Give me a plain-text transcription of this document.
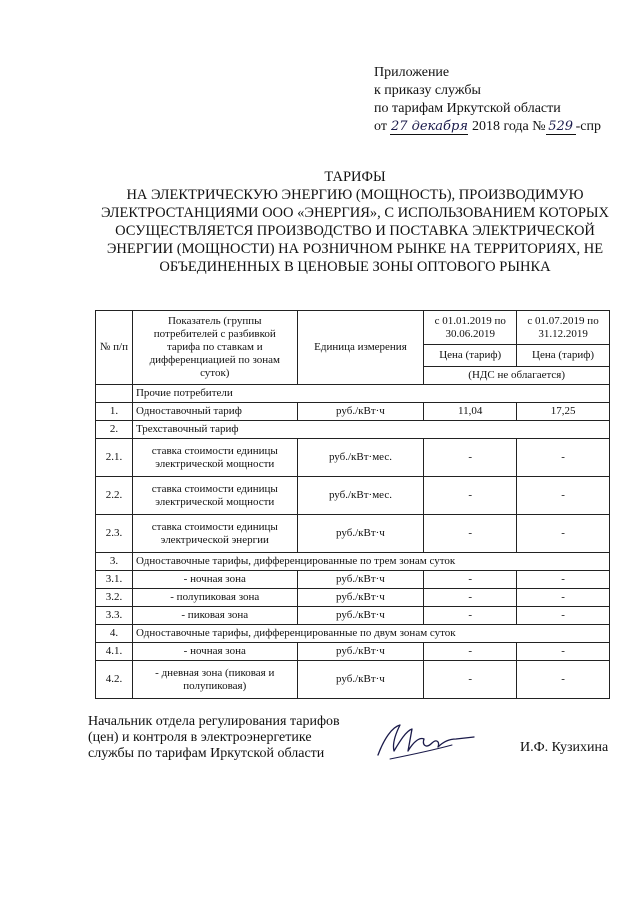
Приложение
к приказу службы
по тарифам Иркутской области
от 27 декабря 2018 года № 529 -спр
ТАРИФЫ
НА ЭЛЕКТРИЧЕСКУЮ ЭНЕРГИЮ (МОЩНОСТЬ), ПРОИЗВОДИМУЮ ЭЛЕКТРОСТАНЦИЯМИ ООО «ЭНЕРГИЯ», С ИСПОЛЬЗОВАНИЕМ КОТОРЫХ ОСУЩЕСТВЛЯЕТСЯ ПРОИЗВОДСТВО И ПОСТАВКА ЭЛЕКТРИЧЕСКОЙ ЭНЕРГИИ (МОЩНОСТИ) НА РОЗНИЧНОМ РЫНКЕ НА ТЕРРИТОРИЯХ, НЕ ОБЪЕДИНЕННЫХ В ЦЕНОВЫЕ ЗОНЫ ОПТОВОГО РЫНКА
№ п/п	Показатель (группы потребителей с разбивкой тарифа по ставкам и дифференциацией по зонам суток)	Единица измерения	с 01.01.2019 по 30.06.2019	с 01.07.2019 по 31.12.2019
			Цена (тариф)	Цена (тариф)
			(НДС не облагается)	
	Прочие потребители			
1.	Одноставочный тариф	руб./кВт·ч	11,04	17,25
2.	Трехставочный тариф			
2.1.	ставка стоимости единицы электрической мощности	руб./кВт·мес.	-	-
2.2.	ставка стоимости единицы электрической мощности	руб./кВт·мес.	-	-
2.3.	ставка стоимости единицы электрической энергии	руб./кВт·ч	-	-
3.	Одноставочные тарифы, дифференцированные по трем зонам суток			
3.1.	- ночная зона	руб./кВт·ч	-	-
3.2.	- полупиковая зона	руб./кВт·ч	-	-
3.3.	- пиковая зона	руб./кВт·ч	-	-
4.	Одноставочные тарифы, дифференцированные по двум зонам суток			
4.1.	- ночная зона	руб./кВт·ч	-	-
4.2.	- дневная зона (пиковая и полупиковая)	руб./кВт·ч	-	-
Начальник отдела регулирования тарифов
(цен) и контроля в электроэнергетике
службы по тарифам Иркутской области	И.Ф. Кузихина
